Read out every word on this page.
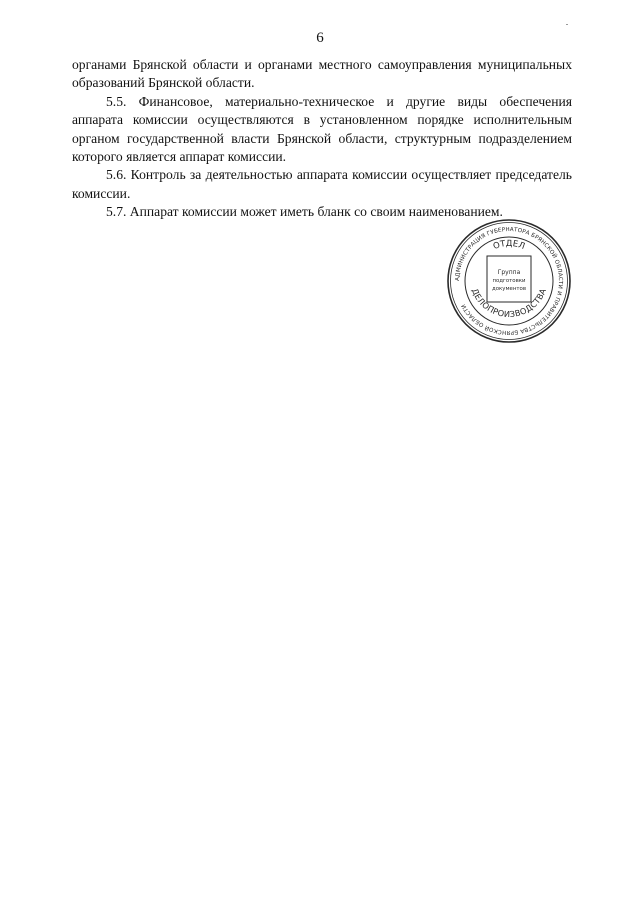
6

органами Брянской области и органами местного самоуправления муниципальных образований Брянской области.

5.5. Финансовое, материально-техническое и другие виды обеспечения аппарата комиссии осуществляются в установленном порядке исполнительным органом государственной власти Брянской области, структурным подразделением которого является аппарат комиссии.

5.6. Контроль за деятельностью аппарата комиссии осуществляет председатель комиссии.

5.7. Аппарат комиссии может иметь бланк со своим наименованием.

АДМИНИСТРАЦИЯ ГУБЕРНАТОРА БРЯНСКОЙ ОБЛАСТИ И ПРАВИТЕЛЬСТВА БРЯНСКОЙ ОБЛАСТИ
ОТДЕЛ
ДЕЛОПРОИЗВОДСТВА
Группа
подготовки
документов
